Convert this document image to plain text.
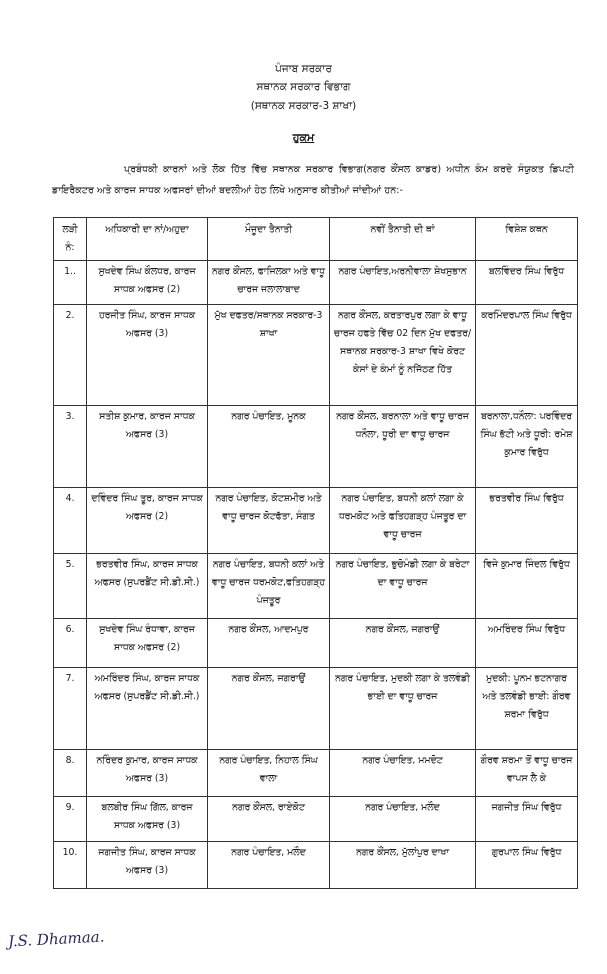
ਪੰਜਾਬ ਸਰਕਾਰ
ਸਥਾਨਕ ਸਰਕਾਰ ਵਿਭਾਗ
(ਸਥਾਨਕ ਸਰਕਾਰ-3 ਸ਼ਾਖਾ)
ਹੁਕਮ
ਪ੍ਰਬੰਧਕੀ ਕਾਰਨਾਂ ਅਤੇ ਲੋਕ ਹਿੱਤ ਵਿੱਚ ਸਥਾਨਕ ਸਰਕਾਰ ਵਿਭਾਗ(ਨਗਰ ਕੌਂਸਲ ਕਾਡਰ) ਅਧੀਨ ਕੰਮ ਕਰਦੇ ਸੰਯੁਕਤ ਡਿਪਟੀ ਡਾਇਰੈਕਟਰ ਅਤੇ ਕਾਰਜ ਸਾਧਕ ਅਫਸਰਾਂ ਦੀਆਂ ਬਦਲੀਆਂ ਹੇਠ ਲਿਖੇ ਅਨੁਸਾਰ ਕੀਤੀਆਂ ਜਾਂਦੀਆਂ ਹਨ:-
ਲੜੀ ਨੰ:	ਅਧਿਕਾਰੀ ਦਾ ਨਾਂ/ਅਹੁਦਾ	ਮੌਜੂਦਾ ਤੈਨਾਤੀ	ਨਵੀਂ ਤੈਨਾਤੀ ਦੀ ਥਾਂ	ਵਿਸ਼ੇਸ਼ ਕਥਨ
1..	ਸੁਖਦੇਵ ਸਿੰਘ ਕੌਲਧਰ, ਕਾਰਜ ਸਾਧਕ ਅਫਸਰ (2)	ਨਗਰ ਕੌਂਸਲ, ਫਾਜਿਲਕਾ ਅਤੇ ਵਾਧੂ ਚਾਰਜ ਜਲਾਲਾਬਾਦ	ਨਗਰ ਪੰਚਾਇਤ,ਅਰਨੀਵਾਲਾ ਸ਼ੇਖਸੁਭਾਨ	ਬਲਵਿੰਦਰ ਸਿੰਘ ਵਿਰੁੱਧ
2.	ਹਰਜੀਤ ਸਿੰਘ, ਕਾਰਜ ਸਾਧਕ ਅਫਸਰ (3)	ਮੁੱਖ ਦਫਤਰ/ਸਥਾਨਕ ਸਰਕਾਰ-3 ਸ਼ਾਖਾ	ਨਗਰ ਕੌਂਸਲ, ਕਰਤਾਰਪੁਰ ਲਗਾ ਕੇ ਵਾਧੂ ਚਾਰਜ ਹਫਤੇ ਵਿੱਚ 02 ਦਿਨ ਮੁੱਖ ਦਫਤਰ/ਸਥਾਨਕ ਸਰਕਾਰ-3 ਸ਼ਾਖਾ ਵਿਖੇ ਕੋਰਟ ਕੇਸਾਂ ਦੇ ਕੰਮਾਂ ਨੂੰ ਨਜਿੱਠਣ ਹਿੱਤ	ਕਰਮਿੰਦਰਪਾਲ ਸਿੰਘ ਵਿਰੁੱਧ
3.	ਸਤੀਸ਼ ਕੁਮਾਰ, ਕਾਰਜ ਸਾਧਕ ਅਫਸਰ (3)	ਨਗਰ ਪੰਚਾਇਤ, ਮੂਨਕ	ਨਗਰ ਕੌਂਸਲ, ਬਰਨਾਲਾ ਅਤੇ ਵਾਧੂ ਚਾਰਜ ਧਨੌਲਾ, ਧੂਰੀ ਦਾ ਵਾਧੂ ਚਾਰਜ	ਬਰਨਾਲਾ,ਧਨੌਲਾ: ਪਰਵਿੰਦਰ ਸਿੰਘ ਭੱਟੀ ਅਤੇ ਧੂਰੀ: ਰਮੇਸ਼ ਕੁਮਾਰ ਵਿਰੁੱਧ
4.	ਦਵਿੰਦਰ ਸਿੰਘ ਤੂਰ, ਕਾਰਜ ਸਾਧਕ ਅਫਸਰ (2)	ਨਗਰ ਪੰਚਾਇਤ, ਕੋਟਸ਼ਮੀਰ ਅਤੇ ਵਾਧੂ ਚਾਰਜ ਕੋਟਫੱਤਾ, ਸੰਗਤ	ਨਗਰ ਪੰਚਾਇਤ, ਬਧਨੀ ਕਲਾਂ ਲਗਾ ਕੇ ਧਰਮਕੋਟ ਅਤੇ ਫਤਿਹਗੜ੍ਹ ਪੰਜਤੂਰ ਦਾ ਵਾਧੂ ਚਾਰਜ	ਭਰਤਵੀਰ ਸਿੰਘ ਵਿਰੁੱਧ
5.	ਭਰਤਵੀਰ ਸਿੰਘ, ਕਾਰਜ ਸਾਧਕ ਅਫਸਰ (ਸੁਪਰਡੈਂਟ ਸੀ.ਡੀ.ਸੀ.)	ਨਗਰ ਪੰਚਾਇਤ, ਬਧਨੀ ਕਲਾਂ ਅਤੇ ਵਾਧੂ ਚਾਰਜ ਧਰਮਕੋਟ,ਫਤਿਹਗੜ੍ਹ ਪੰਜਤੂਰ	ਨਗਰ ਪੰਚਾਇਤ, ਭੁਚੋਮੰਡੀ ਲਗਾ ਕੇ ਬਰੇਟਾ ਦਾ ਵਾਧੂ ਚਾਰਜ	ਵਿਜੇ ਕੁਮਾਰ ਜਿੰਦਲ ਵਿਰੁੱਧ
6.	ਸੁਖਦੇਵ ਸਿੰਘ ਰੰਧਾਵਾ, ਕਾਰਜ ਸਾਧਕ ਅਫਸਰ (2)	ਨਗਰ ਕੌਂਸਲ, ਆਦਮਪੁਰ	ਨਗਰ ਕੌਂਸਲ, ਜਗਰਾਉਂ	ਅਮਰਿੰਦਰ ਸਿੰਘ ਵਿਰੁੱਧ
7.	ਅਮਰਿੰਦਰ ਸਿੰਘ, ਕਾਰਜ ਸਾਧਕ ਅਫਸਰ (ਸੁਪਰਡੈਂਟ ਸੀ.ਡੀ.ਸੀ.)	ਨਗਰ ਕੌਂਸਲ, ਜਗਰਾਉਂ	ਨਗਰ ਪੰਚਾਇਤ, ਮੁਦਕੀ ਲਗਾ ਕੇ ਤਲਵੰਡੀ ਭਾਈ ਦਾ ਵਾਧੂ ਚਾਰਜ	ਮੁਦਕੀ: ਪੂਨਮ ਭਟਨਾਗਰ ਅਤੇ ਤਲਵੰਡੀ ਭਾਈ: ਗੌਰਵ ਸ਼ਰਮਾ ਵਿਰੁੱਧ
8.	ਨਰਿੰਦਰ ਕੁਮਾਰ, ਕਾਰਜ ਸਾਧਕ ਅਫਸਰ (3)	ਨਗਰ ਪੰਚਾਇਤ, ਨਿਹਾਲ ਸਿੰਘ ਵਾਲਾ	ਨਗਰ ਪੰਚਾਇਤ, ਮਮਦੋਟ	ਗੌਰਵ ਸ਼ਰਮਾ ਤੋਂ ਵਾਧੂ ਚਾਰਜ ਵਾਪਸ ਲੈ ਕੇ
9.	ਬਲਬੀਰ ਸਿੰਘ ਗਿੱਲ, ਕਾਰਜ ਸਾਧਕ ਅਫਸਰ (3)	ਨਗਰ ਕੌਂਸਲ, ਰਾਏਕੋਟ	ਨਗਰ ਪੰਚਾਇਤ, ਮਲੌਦ	ਜਗਜੀਤ ਸਿੰਘ ਵਿਰੁੱਧ
10.	ਜਗਜੀਤ ਸਿੰਘ, ਕਾਰਜ ਸਾਧਕ ਅਫਸਰ (3)	ਨਗਰ ਪੰਚਾਇਤ, ਮਲੌਦ	ਨਗਰ ਕੌਂਸਲ, ਮੁੱਲਾਂਪੁਰ ਦਾਖਾ	ਗੁਰਪਾਲ ਸਿੰਘ ਵਿਰੁੱਧ
J.S. Dhamaa.
